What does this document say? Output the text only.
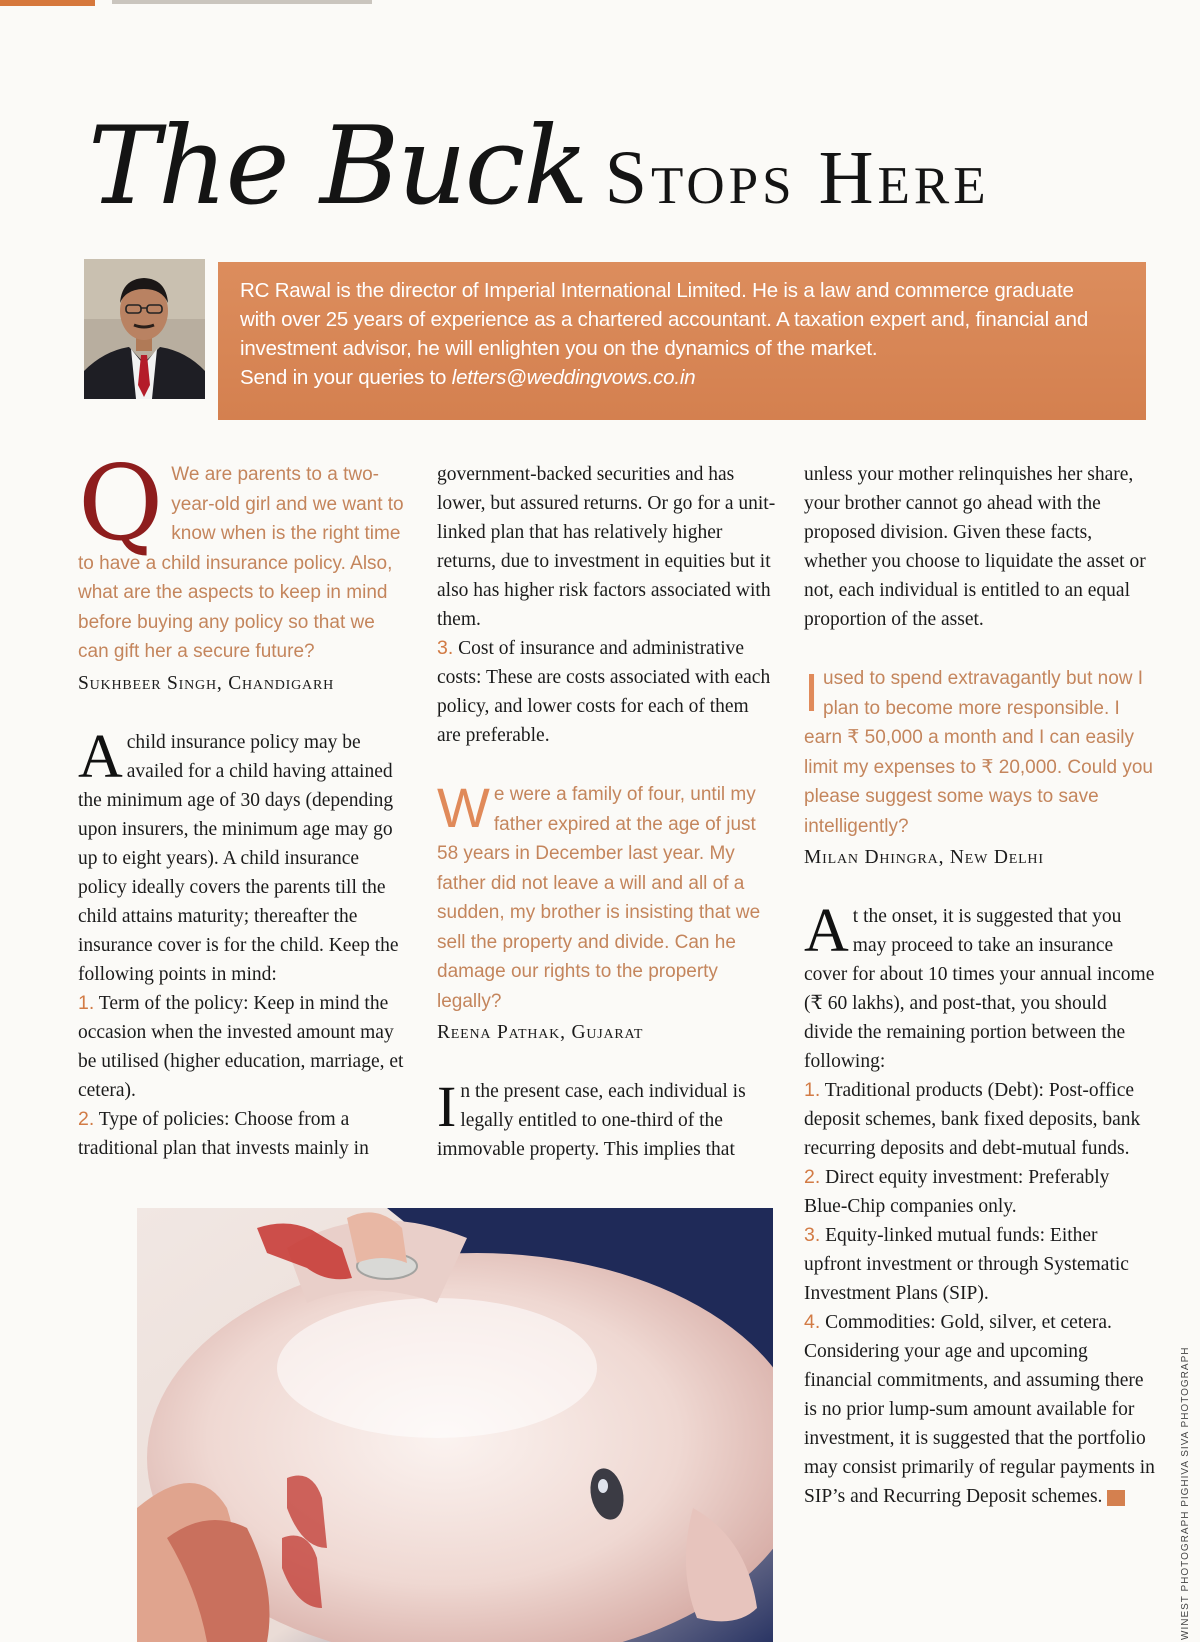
The Buck Stops Here
RC Rawal is the director of Imperial International Limited. He is a law and commerce graduate
with over 25 years of experience as a chartered accountant. A taxation expert and, financial and
investment advisor, he will enlighten you on the dynamics of the market.
Send in your queries to letters@weddingvows.co.in

Q We are parents to a two-year-old girl and we want to know when is the right time to have a child insurance policy. Also, what are the aspects to keep in mind before buying any policy so that we can gift her a secure future?

Sukhbeer Singh, Chandigarh

Achild insurance policy may be availed for a child having attained the minimum age of 30 days (depending upon insurers, the minimum age may go up to eight years). A child insurance policy ideally covers the parents till the child attains maturity; thereafter the insurance cover is for the child. Keep the following points in mind:

1. Term of the policy: Keep in mind the occasion when the invested amount may be utilised (higher education, marriage, et cetera).

2. Type of policies: Choose from a traditional plan that invests mainly in

government-backed securities and has lower, but assured returns. Or go for a unit-linked plan that has relatively higher returns, due to investment in equities but it also has higher risk factors associated with them.

3. Cost of insurance and administrative costs: These are costs associated with each policy, and lower costs for each of them are preferable.

We were a family of four, until my father expired at the age of just 58 years in December last year. My father did not leave a will and all of a sudden, my brother is insisting that we sell the property and divide. Can he damage our rights to the property legally?

Reena Pathak, Gujarat

In the present case, each individual is legally entitled to one-third of the immovable property. This implies that

unless your mother relinquishes her share, your brother cannot go ahead with the proposed division. Given these facts, whether you choose to liquidate the asset or not, each individual is entitled to an equal proportion of the asset.

I used to spend extravagantly but now I plan to become more responsible. I earn ₹ 50,000 a month and I can easily limit my expenses to ₹ 20,000. Could you please suggest some ways to save intelligently?

Milan Dhingra, New Delhi

At the onset, it is suggested that you may proceed to take an insurance cover for about 10 times your annual income (₹ 60 lakhs), and post-that, you should divide the remaining portion between the following:

1. Traditional products (Debt): Post-office deposit schemes, bank fixed deposits, bank recurring deposits and debt-mutual funds.

2. Direct equity investment: Preferably Blue-Chip companies only.

3. Equity-linked mutual funds: Either upfront investment or through Systematic Investment Plans (SIP).

4. Commodities: Gold, silver, et cetera. Considering your age and upcoming financial commitments, and assuming there is no prior lump-sum amount available for investment, it is suggested that the portfolio may consist primarily of regular payments in SIP’s and Recurring Deposit schemes.	WINEST PHOTOGRAPH PIGHIVA SIVA PHOTOGRAPH
